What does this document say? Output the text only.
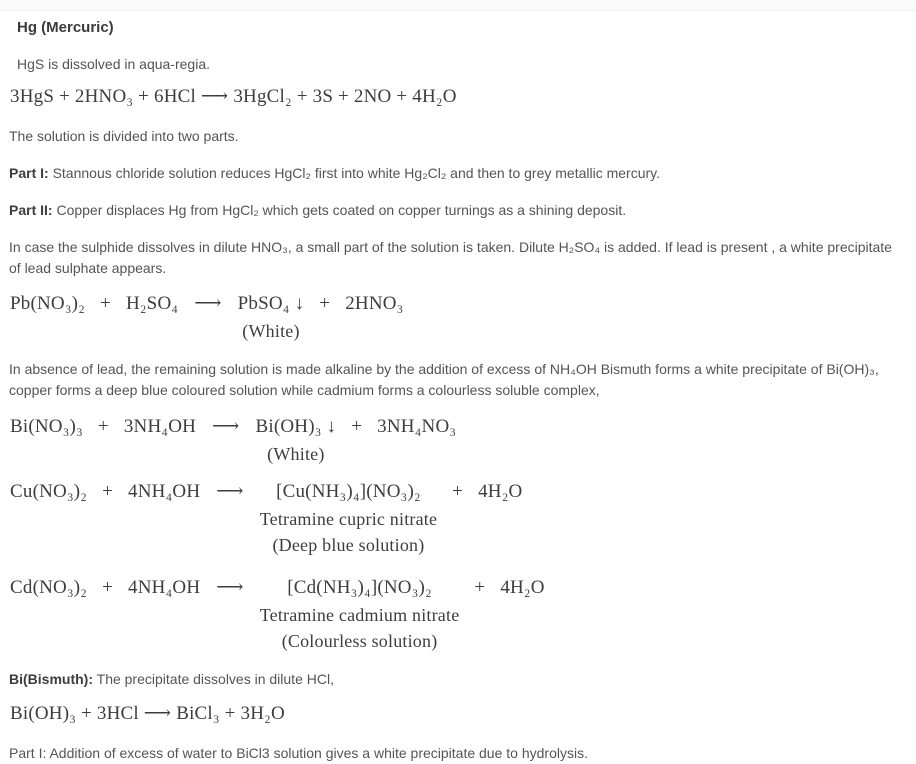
Hg (Mercuric)

HgS is dissolved in aqua-regia.

3HgS + 2HNO₃ + 6HCl ⟶ 3HgCl₂ + 3S + 2NO + 4H₂O

The solution is divided into two parts.

Part I: Stannous chloride solution reduces HgCl₂ first into white Hg₂Cl₂ and then to grey metallic mercury.

Part II: Copper displaces Hg from HgCl₂ which gets coated on copper turnings as a shining deposit.

In case the sulphide dissolves in dilute HNO₃, a small part of the solution is taken. Dilute H₂SO₄ is added. If lead is present , a white precipitate of lead sulphate appears.

Pb(NO₃)₂ + H₂SO₄ ⟶ PbSO₄ ↓
(White)
+ 2HNO₃

In absence of lead, the remaining solution is made alkaline by the addition of excess of NH₄OH Bismuth forms a white precipitate of Bi(OH)₃, copper forms a deep blue coloured solution while cadmium forms a colourless soluble complex,

Bi(NO₃)₃ + 3NH₄OH ⟶ Bi(OH)₃ ↓
(White)
+ 3NH₄NO₃
Cu(NO₃)₂ + 4NH₄OH ⟶ [Cu(NH₃)₄](NO₃)₂
Tetramine cupric nitrate
(Deep blue solution)
+ 4H₂O
Cd(NO₃)₂ + 4NH₄OH ⟶ [Cd(NH₃)₄](NO₃)₂
Tetramine cadmium nitrate
(Colourless solution)
+ 4H₂O

Bi(Bismuth): The precipitate dissolves in dilute HCl,

Bi(OH)₃ + 3HCl ⟶ BiCl₃ + 3H₂O

Part I: Addition of excess of water to BiCl3 solution gives a white precipitate due to hydrolysis.
